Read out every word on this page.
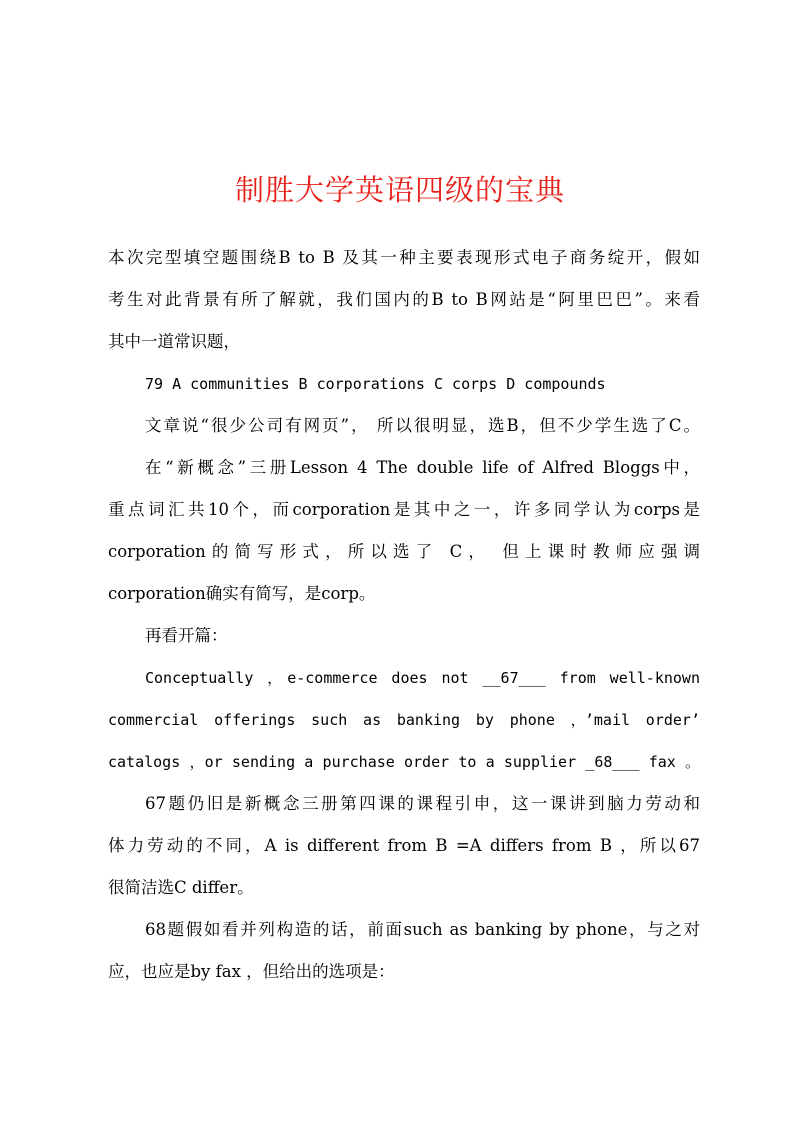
制胜大学英语四级的宝典
本次完型填空题围绕B to B 及其一种主要表现形式电子商务绽开，假如
考生对此背景有所了解就，我们国内的B to B网站是“阿里巴巴”。来看
其中一道常识题，
79 A communities B corporations C corps D compounds
文章说“很少公司有网页”， 所以很明显，选B，但不少学生选了C。
在“新概念”三册Lesson 4 The double life of Alfred Bloggs中，
重点词汇共10个，而corporation是其中之一，许多同学认为corps是
corporation的简写形式，所以选了 C， 但上课时教师应强调
corporation确实有简写，是corp。
再看开篇：
Conceptually ，e-commerce does not __67___ from well-known
commercial offerings such as banking by phone ，’mail order’
catalogs ，or sending a purchase order to a supplier _68___ fax 。
67题仍旧是新概念三册第四课的课程引申，这一课讲到脑力劳动和
体力劳动的不同，A is different from B =A differs from B ，所以67
很简洁选C differ。
68题假如看并列构造的话，前面such as banking by phone，与之对
应，也应是by fax ，但给出的选项是：
